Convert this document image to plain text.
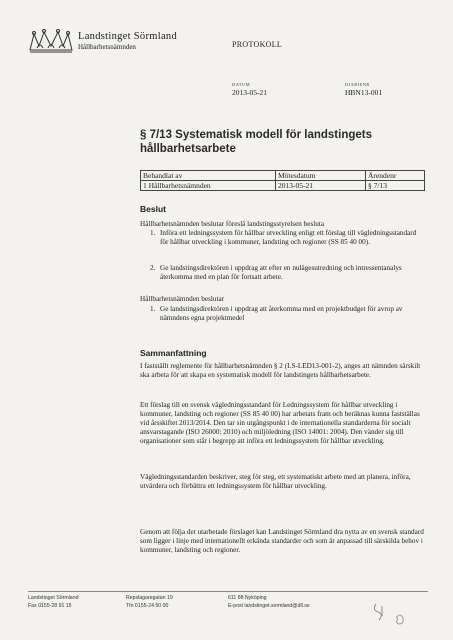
Landstinget Sörmland
Hållbarhetsnämnden	PROTOKOLL
DATUM
2013-05-21
DIARIENR
HBN13-001
§ 7/13 Systematisk modell för landstingets hållbarhetsarbete
Behandlat av	Mötesdatum	Ärendenr
1 Hållbarhetsnämnden	2013-05-21	§ 7/13
Beslut
Hållbarhetsnämnden beslutar föreslå landstingsstyrelsen besluta
1. Införa ett ledningssystem för hållbar utveckling enligt ett förslag till vägledningsstandard för hållbar utveckling i kommuner, landsting och regioner (SS 85 40 00).
2. Ge landstingsdirektören i uppdrag att efter en nulägesutredning och intressentanalys återkomma med en plan för fortsatt arbete.
Hållbarhetsnämnden beslutar
1. Ge landstingsdirektören i uppdrag att återkomma med en projektbudget för avrop av nämndens egna projektmedel
Sammanfattning
I fastställt reglemente för hållbarhetsnämnden § 2 (LS-LED13-001-2), anges att nämnden särskilt ska arbeta för att skapa en systematisk modell för landstingets hållbarhetsarbete.
Ett förslag till en svensk vägledningsstandard för Ledningssystem för hållbar utveckling i kommuner, landsting och regioner (SS 85 40 00) har arbetats fram och beräknas kunna fastställas vid årsskiftet 2013/2014. Den tar sin utgångspunkt i de internationella standarderna för socialt ansvarstagande (ISO 26000: 2010) och miljöledning (ISO 14001: 2004). Den vänder sig till organisationer som står i begrepp att införa ett ledningssystem för hållbar utveckling.
Vägledningsstandarden beskriver, steg för steg, ett systematiskt arbete med att planera, införa, utvärdera och förbättra ett ledningssystem för hållbar utveckling.
Genom att följa det utarbetade förslaget kan Landstinget Sörmland dra nytta av en svensk standard som ligger i linje med internationellt erkända standarder och som är anpassad till särskilda behov i kommuner, landsting och regioner.
Landstinget Sörmland
Fax 0155-28 91 15
Repslagaregatan 19
Tfn 0155-24 50 00
611 88 Nyköping
E-post landstinget.sormland@dll.se
